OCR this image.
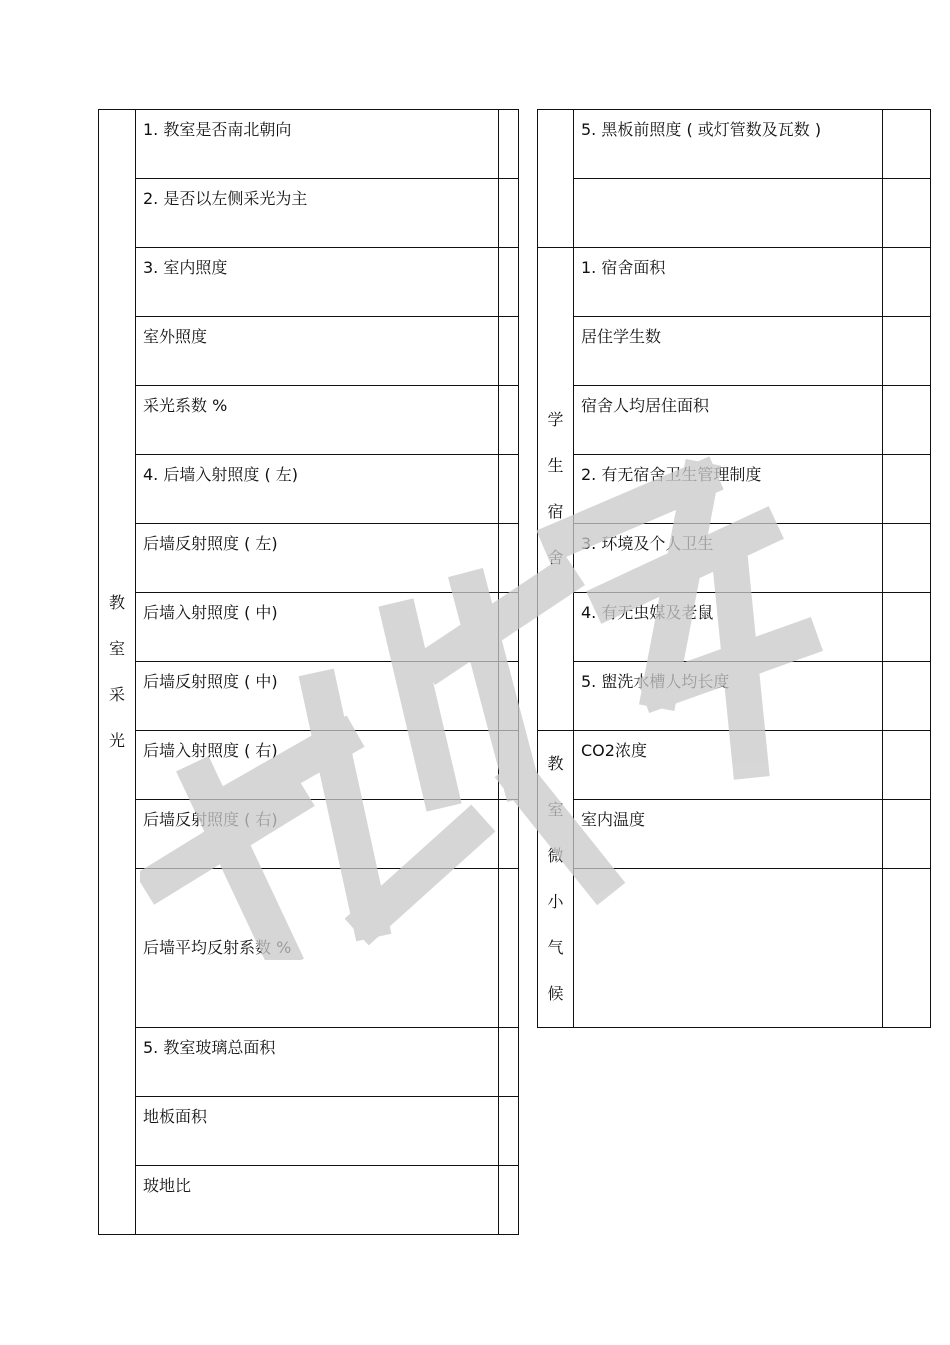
教室采光	1. 教室是否南北朝向	

	2. 是否以左侧采光为主	

	3. 室内照度	

	室外照度	

	采光系数 %	

	4. 后墙入射照度 ( 左)	

	后墙反射照度 ( 左)	

	后墙入射照度 ( 中)	

	后墙反射照度 ( 中)	

	后墙入射照度 ( 右)	

	后墙反射照度 ( 右)	

	后墙平均反射系数 %	

	5. 教室玻璃总面积	

	地板面积	

	玻地比	

	5. 黑板前照度 ( 或灯管数及瓦数 )	

学生宿舍	1. 宿舍面积	

	居住学生数	

	宿舍人均居住面积	

	2. 有无宿舍卫生管理制度	

	3. 环境及个人卫生	

	4. 有无虫媒及老鼠	

	5. 盥洗水槽人均长度	

教室微小气候	CO2浓度	

	室内温度	
